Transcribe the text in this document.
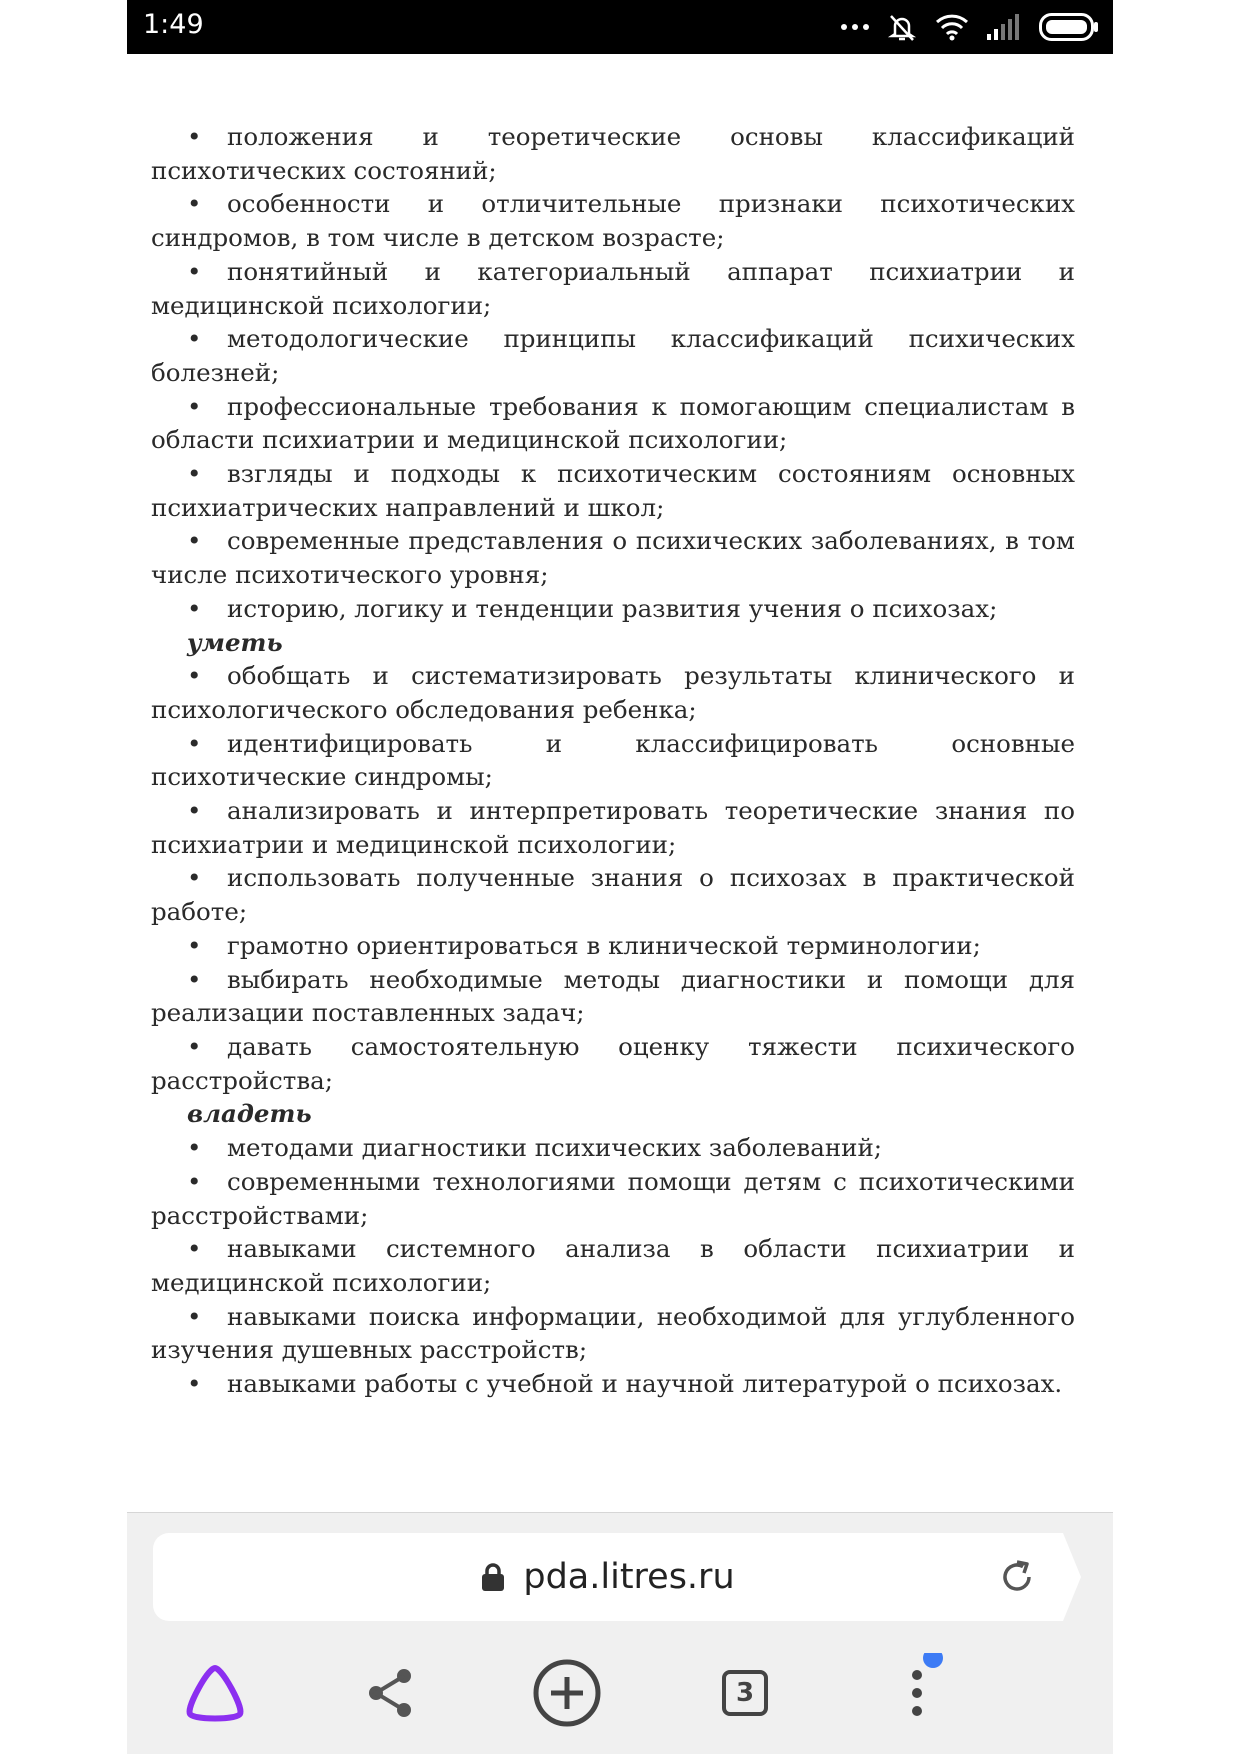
1:49

• положения и теоретические основы классификаций психотических состояний;

• особенности и отличительные признаки психотических синдромов, в том числе в детском возрасте;

• понятийный и категориальный аппарат психиатрии и медицинской психологии;

• методологические принципы классификаций психических болезней;

• профессиональные требования к помогающим специалистам в области психиатрии и медицинской психологии;

• взгляды и подходы к психотическим состояниям основных психиатрических направлений и школ;

• современные представления о психических заболеваниях, в том числе психотического уровня;

• историю, логику и тенденции развития учения о психозах;

уметь

• обобщать и систематизировать результаты клинического и психологического обследования ребенка;

• идентифицировать и классифицировать основные психотические синдромы;

• анализировать и интерпретировать теоретические знания по психиатрии и медицинской психологии;

• использовать полученные знания о психозах в практической работе;

• грамотно ориентироваться в клинической терминологии;

• выбирать необходимые методы диагностики и помощи для реализации поставленных задач;

• давать самостоятельную оценку тяжести психического расстройства;

владеть

• методами диагностики психических заболеваний;

• современными технологиями помощи детям с психотическими расстройствами;

• навыками системного анализа в области психиатрии и медицинской психологии;

• навыками поиска информации, необходимой для углубленного изучения душевных расстройств;

• навыками работы с учебной и научной литературой о психозах.

pda.litres.ru
3
